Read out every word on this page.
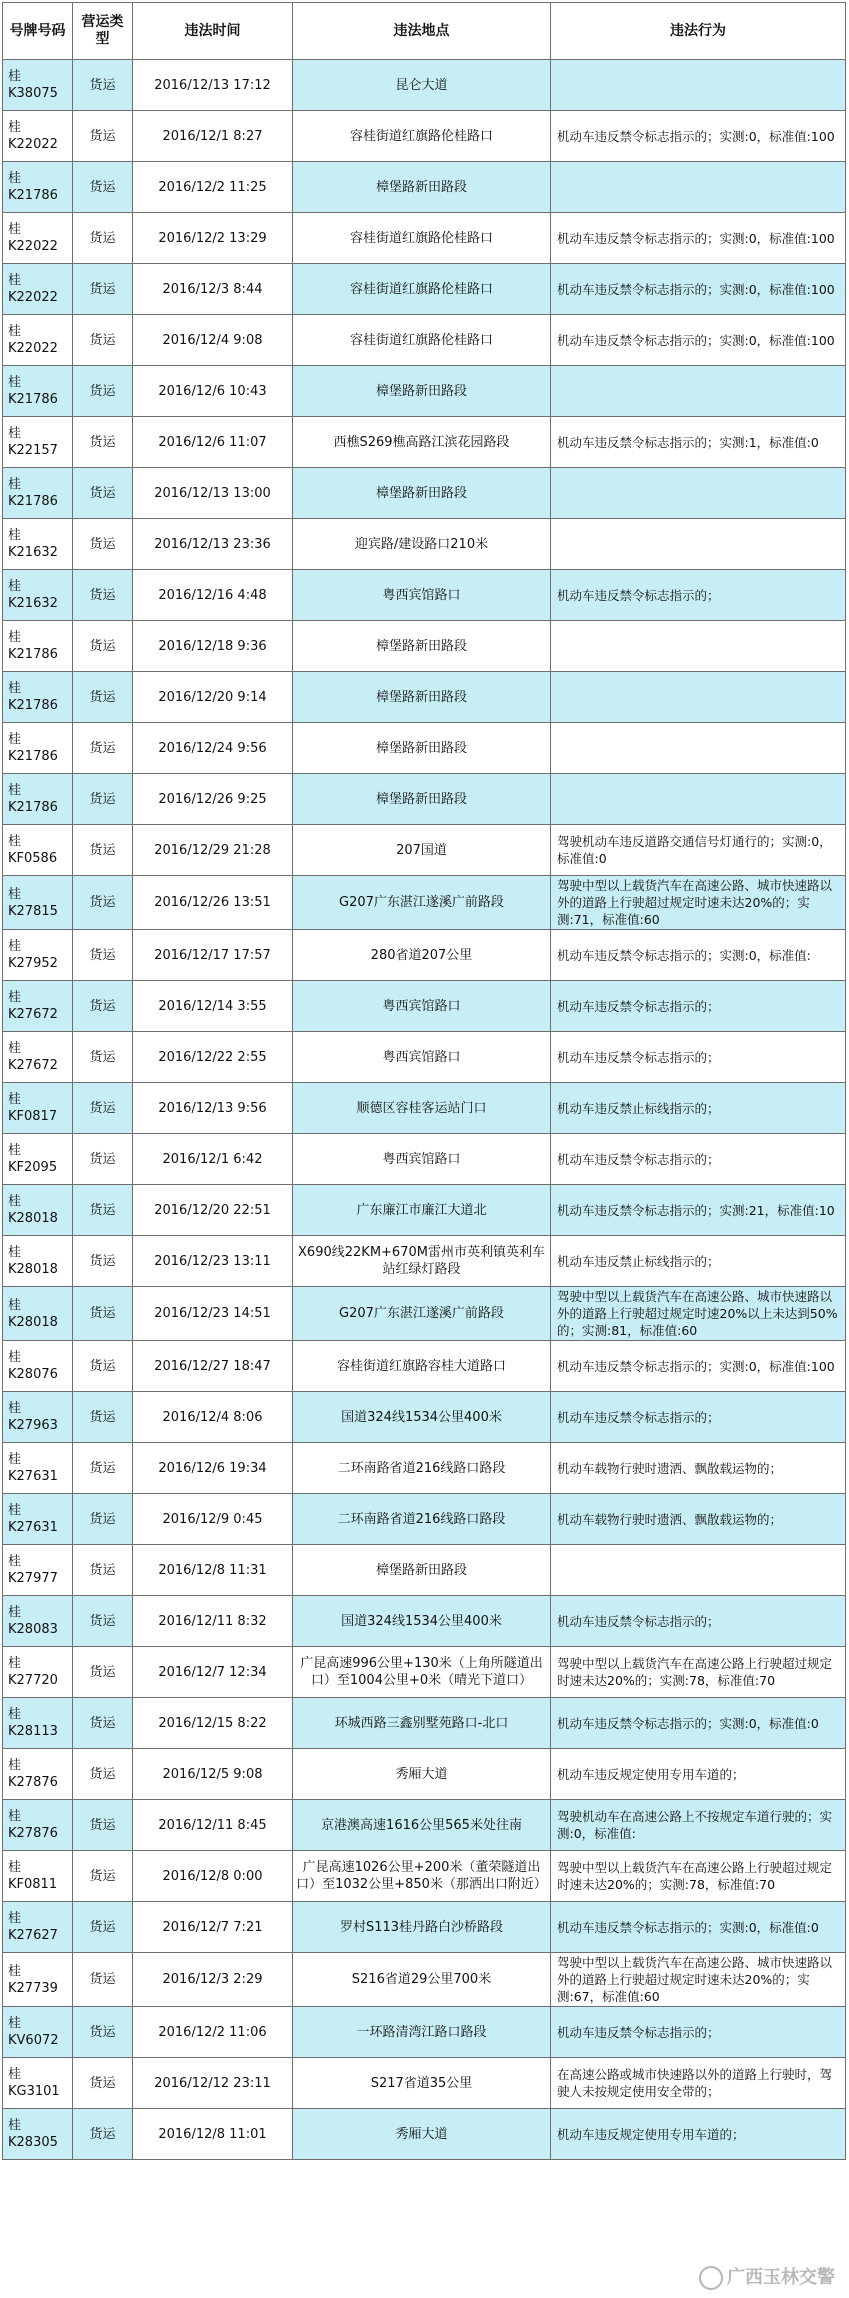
号牌号码	营运类型	违法时间	违法地点	违法行为
桂K38075	货运	2016/12/13 17:12	昆仑大道	
桂K22022	货运	2016/12/1 8:27	容桂街道红旗路伦桂路口	机动车违反禁令标志指示的；实测:0，标准值:100
桂K21786	货运	2016/12/2 11:25	樟堡路新田路段	
桂K22022	货运	2016/12/2 13:29	容桂街道红旗路伦桂路口	机动车违反禁令标志指示的；实测:0，标准值:100
桂K22022	货运	2016/12/3 8:44	容桂街道红旗路伦桂路口	机动车违反禁令标志指示的；实测:0，标准值:100
桂K22022	货运	2016/12/4 9:08	容桂街道红旗路伦桂路口	机动车违反禁令标志指示的；实测:0，标准值:100
桂K21786	货运	2016/12/6 10:43	樟堡路新田路段	
桂K22157	货运	2016/12/6 11:07	西樵S269樵高路江滨花园路段	机动车违反禁令标志指示的；实测:1，标准值:0
桂K21786	货运	2016/12/13 13:00	樟堡路新田路段	
桂K21632	货运	2016/12/13 23:36	迎宾路/建设路口210米	
桂K21632	货运	2016/12/16 4:48	粤西宾馆路口	机动车违反禁令标志指示的；
桂K21786	货运	2016/12/18 9:36	樟堡路新田路段	
桂K21786	货运	2016/12/20 9:14	樟堡路新田路段	
桂K21786	货运	2016/12/24 9:56	樟堡路新田路段	
桂K21786	货运	2016/12/26 9:25	樟堡路新田路段	
桂KF0586	货运	2016/12/29 21:28	207国道	驾驶机动车违反道路交通信号灯通行的；实测:0，标准值:0
桂K27815	货运	2016/12/26 13:51	G207广东湛江遂溪广前路段	驾驶中型以上载货汽车在高速公路、城市快速路以外的道路上行驶超过规定时速未达20%的；实测:71，标准值:60
桂K27952	货运	2016/12/17 17:57	280省道207公里	机动车违反禁令标志指示的；实测:0，标准值:
桂K27672	货运	2016/12/14 3:55	粤西宾馆路口	机动车违反禁令标志指示的；
桂K27672	货运	2016/12/22 2:55	粤西宾馆路口	机动车违反禁令标志指示的；
桂KF0817	货运	2016/12/13 9:56	顺德区容桂客运站门口	机动车违反禁止标线指示的；
桂KF2095	货运	2016/12/1 6:42	粤西宾馆路口	机动车违反禁令标志指示的；
桂K28018	货运	2016/12/20 22:51	广东廉江市廉江大道北	机动车违反禁令标志指示的；实测:21，标准值:10
桂K28018	货运	2016/12/23 13:11	X690线22KM+670M雷州市英利镇英利车站红绿灯路段	机动车违反禁止标线指示的；
桂K28018	货运	2016/12/23 14:51	G207广东湛江遂溪广前路段	驾驶中型以上载货汽车在高速公路、城市快速路以外的道路上行驶超过规定时速20%以上未达到50%的；实测:81，标准值:60
桂K28076	货运	2016/12/27 18:47	容桂街道红旗路容桂大道路口	机动车违反禁令标志指示的；实测:0，标准值:100
桂K27963	货运	2016/12/4 8:06	国道324线1534公里400米	机动车违反禁令标志指示的；
桂K27631	货运	2016/12/6 19:34	二环南路省道216线路口路段	机动车载物行驶时遗洒、飘散载运物的；
桂K27631	货运	2016/12/9 0:45	二环南路省道216线路口路段	机动车载物行驶时遗洒、飘散载运物的；
桂K27977	货运	2016/12/8 11:31	樟堡路新田路段	
桂K28083	货运	2016/12/11 8:32	国道324线1534公里400米	机动车违反禁令标志指示的；
桂K27720	货运	2016/12/7 12:34	广昆高速996公里+130米（上角所隧道出口）至1004公里+0米（晴光下道口）	驾驶中型以上载货汽车在高速公路上行驶超过规定时速未达20%的；实测:78，标准值:70
桂K28113	货运	2016/12/15 8:22	环城西路三鑫别墅苑路口-北口	机动车违反禁令标志指示的；实测:0，标准值:0
桂K27876	货运	2016/12/5 9:08	秀厢大道	机动车违反规定使用专用车道的；
桂K27876	货运	2016/12/11 8:45	京港澳高速1616公里565米处往南	驾驶机动车在高速公路上不按规定车道行驶的；实测:0，标准值:
桂KF0811	货运	2016/12/8 0:00	广昆高速1026公里+200米（董荣隧道出口）至1032公里+850米（那洒出口附近）	驾驶中型以上载货汽车在高速公路上行驶超过规定时速未达20%的；实测:78，标准值:70
桂K27627	货运	2016/12/7 7:21	罗村S113桂丹路白沙桥路段	机动车违反禁令标志指示的；实测:0，标准值:0
桂K27739	货运	2016/12/3 2:29	S216省道29公里700米	驾驶中型以上载货汽车在高速公路、城市快速路以外的道路上行驶超过规定时速未达20%的；实测:67，标准值:60
桂KV6072	货运	2016/12/2 11:06	一环路清湾江路口路段	机动车违反禁令标志指示的；
桂KG3101	货运	2016/12/12 23:11	S217省道35公里	在高速公路或城市快速路以外的道路上行驶时，驾驶人未按规定使用安全带的；
桂K28305	货运	2016/12/8 11:01	秀厢大道	机动车违反规定使用专用车道的；
广西玉林交警
